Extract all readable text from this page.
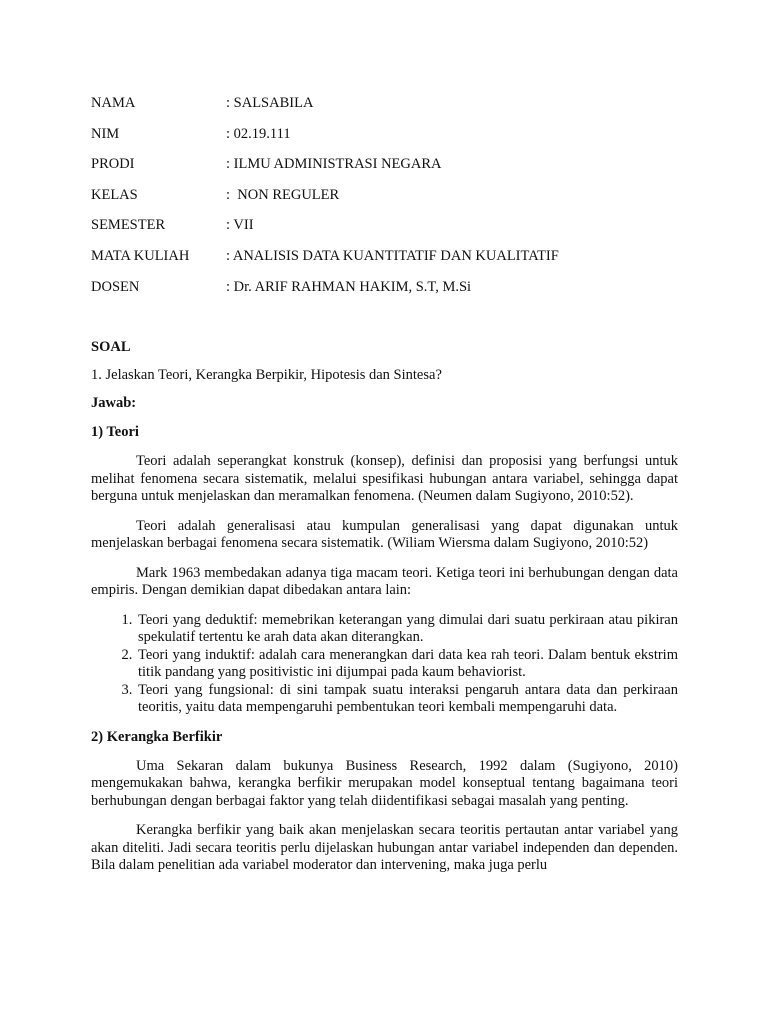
NAMA	: SALSABILA
NIM	: 02.19.111
PRODI	: ILMU ADMINISTRASI NEGARA
KELAS	:  NON REGULER
SEMESTER	: VII
MATA KULIAH	: ANALISIS DATA KUANTITATIF DAN KUALITATIF
DOSEN	: Dr. ARIF RAHMAN HAKIM, S.T, M.Si

SOAL

1. Jelaskan Teori, Kerangka Berpikir, Hipotesis dan Sintesa?

Jawab:

1) Teori

Teori adalah seperangkat konstruk (konsep), definisi dan proposisi yang berfungsi untuk melihat fenomena secara sistematik, melalui spesifikasi hubungan antara variabel, sehingga dapat berguna untuk menjelaskan dan meramalkan fenomena. (Neumen dalam Sugiyono, 2010:52).

Teori adalah generalisasi atau kumpulan generalisasi yang dapat digunakan untuk menjelaskan berbagai fenomena secara sistematik. (Wiliam Wiersma dalam Sugiyono, 2010:52)

Mark 1963 membedakan adanya tiga macam teori. Ketiga teori ini berhubungan dengan data empiris. Dengan demikian dapat dibedakan antara lain:

1. Teori yang deduktif: memebrikan keterangan yang dimulai dari suatu perkiraan atau pikiran spekulatif tertentu ke arah data akan diterangkan.
2. Teori yang induktif: adalah cara menerangkan dari data kea rah teori. Dalam bentuk ekstrim titik pandang yang positivistic ini dijumpai pada kaum behaviorist.
3. Teori yang fungsional: di sini tampak suatu interaksi pengaruh antara data dan perkiraan teoritis, yaitu data mempengaruhi pembentukan teori kembali mempengaruhi data.

2) Kerangka Berfikir

Uma Sekaran dalam bukunya Business Research, 1992 dalam (Sugiyono, 2010) mengemukakan bahwa, kerangka berfikir merupakan model konseptual tentang bagaimana teori berhubungan dengan berbagai faktor yang telah diidentifikasi sebagai masalah yang penting.

Kerangka berfikir yang baik akan menjelaskan secara teoritis pertautan antar variabel yang akan diteliti. Jadi secara teoritis perlu dijelaskan hubungan antar variabel independen dan dependen. Bila dalam penelitian ada variabel moderator dan intervening, maka juga perlu
